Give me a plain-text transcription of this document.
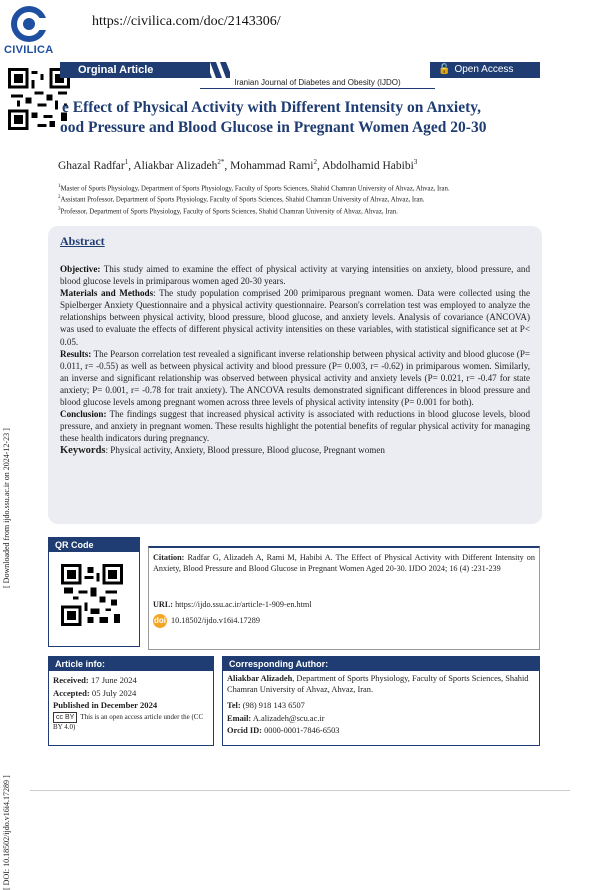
CIVILICA
https://civilica.com/doc/2143306/
Orginal Article	🔓 Open Access
Iranian Journal of Diabetes and Obesity (IJDO)
e Effect of Physical Activity with Different Intensity on Anxiety,
ood Pressure and Blood Glucose in Pregnant Women Aged 20-30
Ghazal Radfar$^1$, Aliakbar Alizadeh$^{2*}$, Mohammad Rami$^2$, Abdolhamid Habibi$^3$
$^1$Master of Sports Physiology, Department of Sports Physiology, Faculty of Sports Sciences, Shahid Chamran University of Ahvaz, Ahvaz, Iran.
$^2$Assistant Professor, Department of Sports Physiology, Faculty of Sports Sciences, Shahid Chamran University of Ahvaz, Ahvaz, Iran.
$^3$Professor, Department of Sports Physiology, Faculty of Sports Sciences, Shahid Chamran University of Ahvaz, Ahvaz, Iran.
Abstract

Objective: This study aimed to examine the effect of physical activity at varying intensities on anxiety, blood pressure, and blood glucose levels in primiparous women aged 20-30 years.

Materials and Methods: The study population comprised 200 primiparous pregnant women. Data were collected using the Spielberger Anxiety Questionnaire and a physical activity questionnaire. Pearson's correlation test was employed to analyze the relationships between physical activity, blood pressure, blood glucose, and anxiety levels. Analysis of covariance (ANCOVA) was used to evaluate the effects of different physical activity intensities on these variables, with statistical significance set at P< 0.05.

Results: The Pearson correlation test revealed a significant inverse relationship between physical activity and blood glucose (P= 0.011, r= -0.55) as well as between physical activity and blood pressure (P= 0.003, r= -0.62) in primiparous women. Similarly, an inverse and significant relationship was observed between physical activity and anxiety levels (P= 0.021, r= -0.47 for state anxiety; P= 0.001, r= -0.78 for trait anxiety). The ANCOVA results demonstrated significant differences in blood pressure and blood glucose levels among pregnant women across three levels of physical activity intensity (P= 0.001 for both).

Conclusion: The findings suggest that increased physical activity is associated with reductions in blood glucose levels, blood pressure, and anxiety in pregnant women. These results highlight the potential benefits of regular physical activity for managing these health indicators during pregnancy.

Keywords: Physical activity, Anxiety, Blood pressure, Blood glucose, Pregnant women

[ Downloaded from ijdo.ssu.ac.ir on 2024-12-23 ]
[ DOI: 10.18502/ijdo.v16i4.17289 ]
QR Code
Citation: Radfar G, Alizadeh A, Rami M, Habibi A. The Effect of Physical Activity with Different Intensity on Anxiety, Blood Pressure and Blood Glucose in Pregnant Women Aged 20-30. IJDO 2024; 16 (4) :231-239
URL: https://ijdo.ssu.ac.ir/article-1-909-en.html
doi 10.18502/ijdo.v16i4.17289
Article info:
Received: 17 June 2024
Accepted: 05 July 2024
Published in December 2024
cc BY This is an open access article under the (CC BY 4.0)
Corresponding Author:

Aliakbar Alizadeh, Department of Sports Physiology, Faculty of Sports Sciences, Shahid Chamran University of Ahvaz, Ahvaz, Iran.

Tel: (98) 918 143 6507

Email: A.alizadeh@scu.ac.ir

Orcid ID: 0000-0001-7846-6503
